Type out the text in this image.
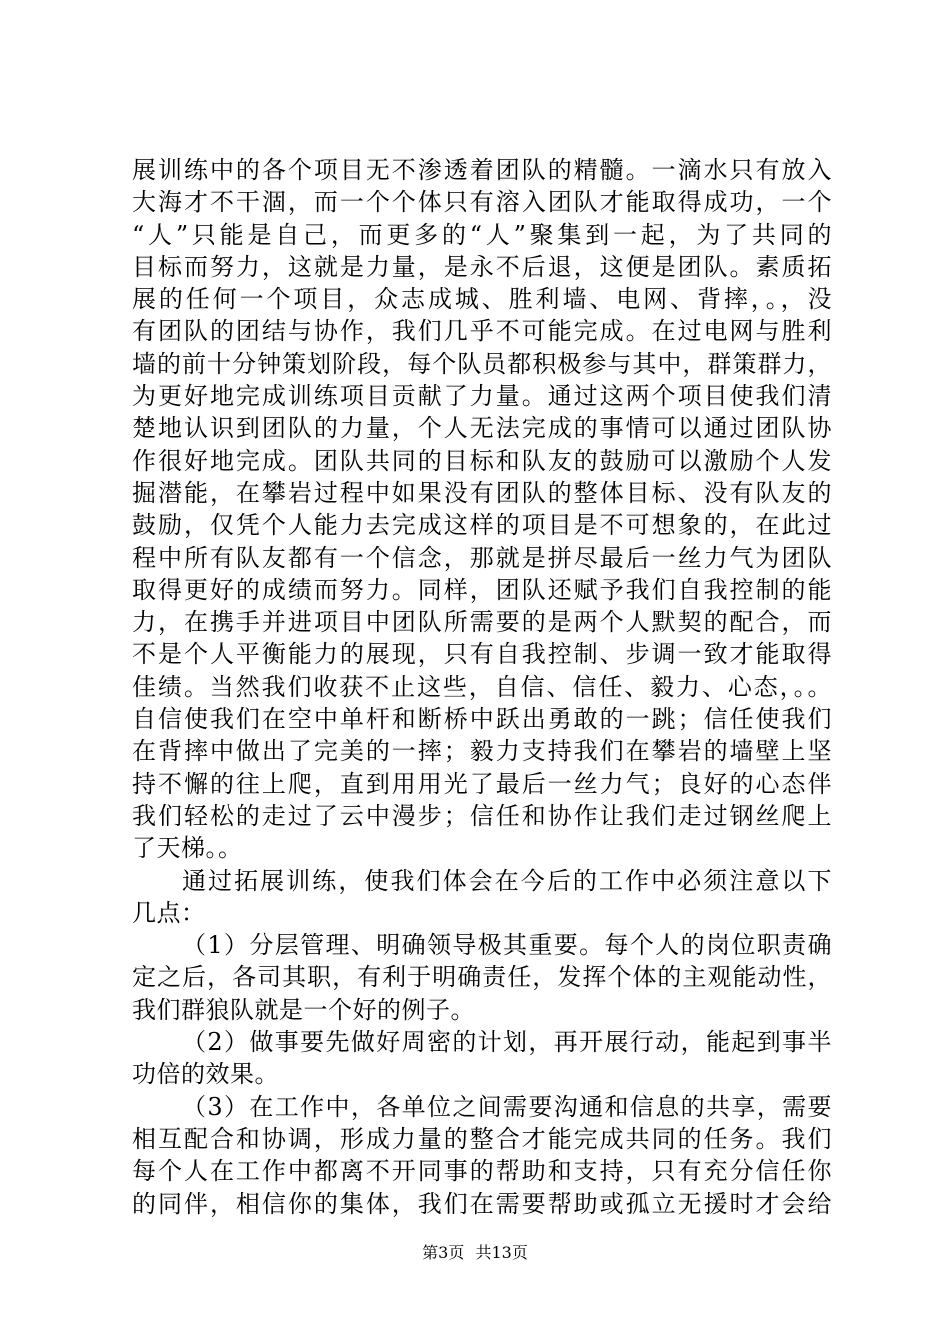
展训练中的各个项目无不渗透着团队的精髓。一滴水只有放入
大海才不干涸，而一个个体只有溶入团队才能取得成功，一个
“人”只能是自己，而更多的“人”聚集到一起，为了共同的
目标而努力，这就是力量，是永不后退，这便是团队。素质拓
展的任何一个项目，众志成城、胜利墙、电网、背摔，。，没
有团队的团结与协作，我们几乎不可能完成。在过电网与胜利
墙的前十分钟策划阶段，每个队员都积极参与其中，群策群力，
为更好地完成训练项目贡献了力量。通过这两个项目使我们清
楚地认识到团队的力量，个人无法完成的事情可以通过团队协
作很好地完成。团队共同的目标和队友的鼓励可以激励个人发
掘潜能，在攀岩过程中如果没有团队的整体目标、没有队友的
鼓励，仅凭个人能力去完成这样的项目是不可想象的，在此过
程中所有队友都有一个信念，那就是拼尽最后一丝力气为团队
取得更好的成绩而努力。同样，团队还赋予我们自我控制的能
力，在携手并进项目中团队所需要的是两个人默契的配合，而
不是个人平衡能力的展现，只有自我控制、步调一致才能取得
佳绩。当然我们收获不止这些，自信、信任、毅力、心态，。。
自信使我们在空中单杆和断桥中跃出勇敢的一跳；信任使我们
在背摔中做出了完美的一摔；毅力支持我们在攀岩的墙壁上坚
持不懈的往上爬，直到用用光了最后一丝力气；良好的心态伴
我们轻松的走过了云中漫步；信任和协作让我们走过钢丝爬上
了天梯。。
通过拓展训练，使我们体会在今后的工作中必须注意以下
几点：
（1）分层管理、明确领导极其重要。每个人的岗位职责确
定之后，各司其职，有利于明确责任，发挥个体的主观能动性，
我们群狼队就是一个好的例子。
（2）做事要先做好周密的计划，再开展行动，能起到事半
功倍的效果。
（3）在工作中，各单位之间需要沟通和信息的共享，需要
相互配合和协调，形成力量的整合才能完成共同的任务。我们
每个人在工作中都离不开同事的帮助和支持，只有充分信任你
的同伴，相信你的集体，我们在需要帮助或孤立无援时才会给
第3页 共13页
